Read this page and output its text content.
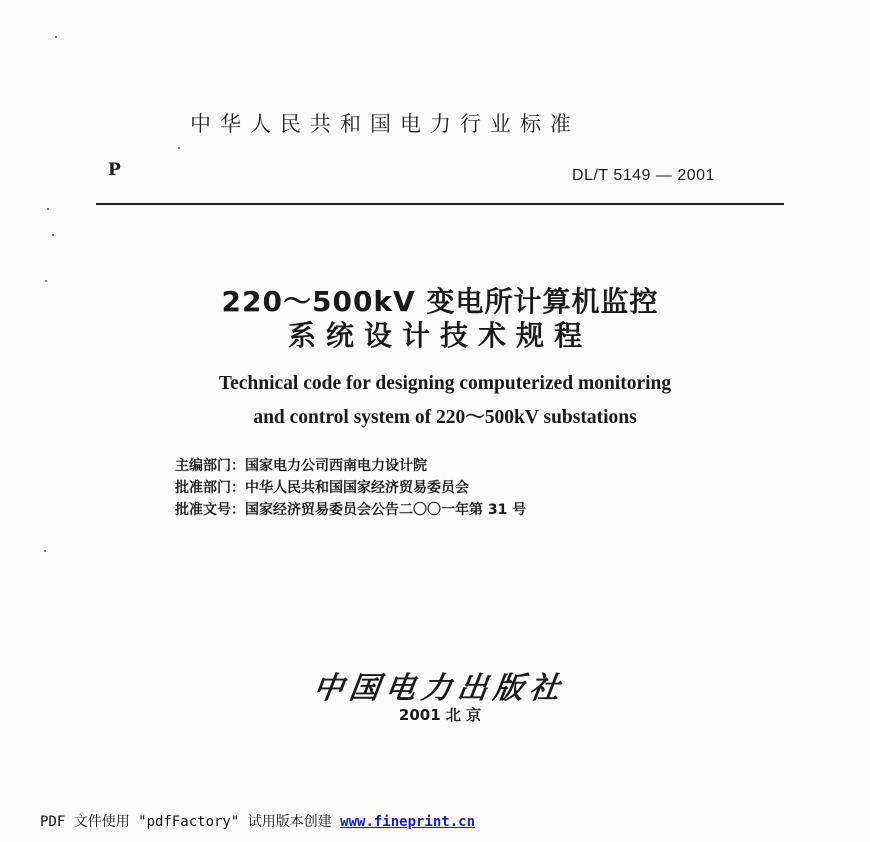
中华人民共和国电力行业标准
P	DL/T 5149 — 2001
220～500kV 变电所计算机监控
系统设计技术规程
Technical code for designing computerized monitoring
and control system of 220～500kV substations
主编部门：国家电力公司西南电力设计院
批准部门：中华人民共和国国家经济贸易委员会
批准文号：国家经济贸易委员会公告二〇〇一年第 31 号
中国电力出版社
2001 北 京
PDF 文件使用 "pdfFactory" 试用版本创建 www.fineprint.cn
